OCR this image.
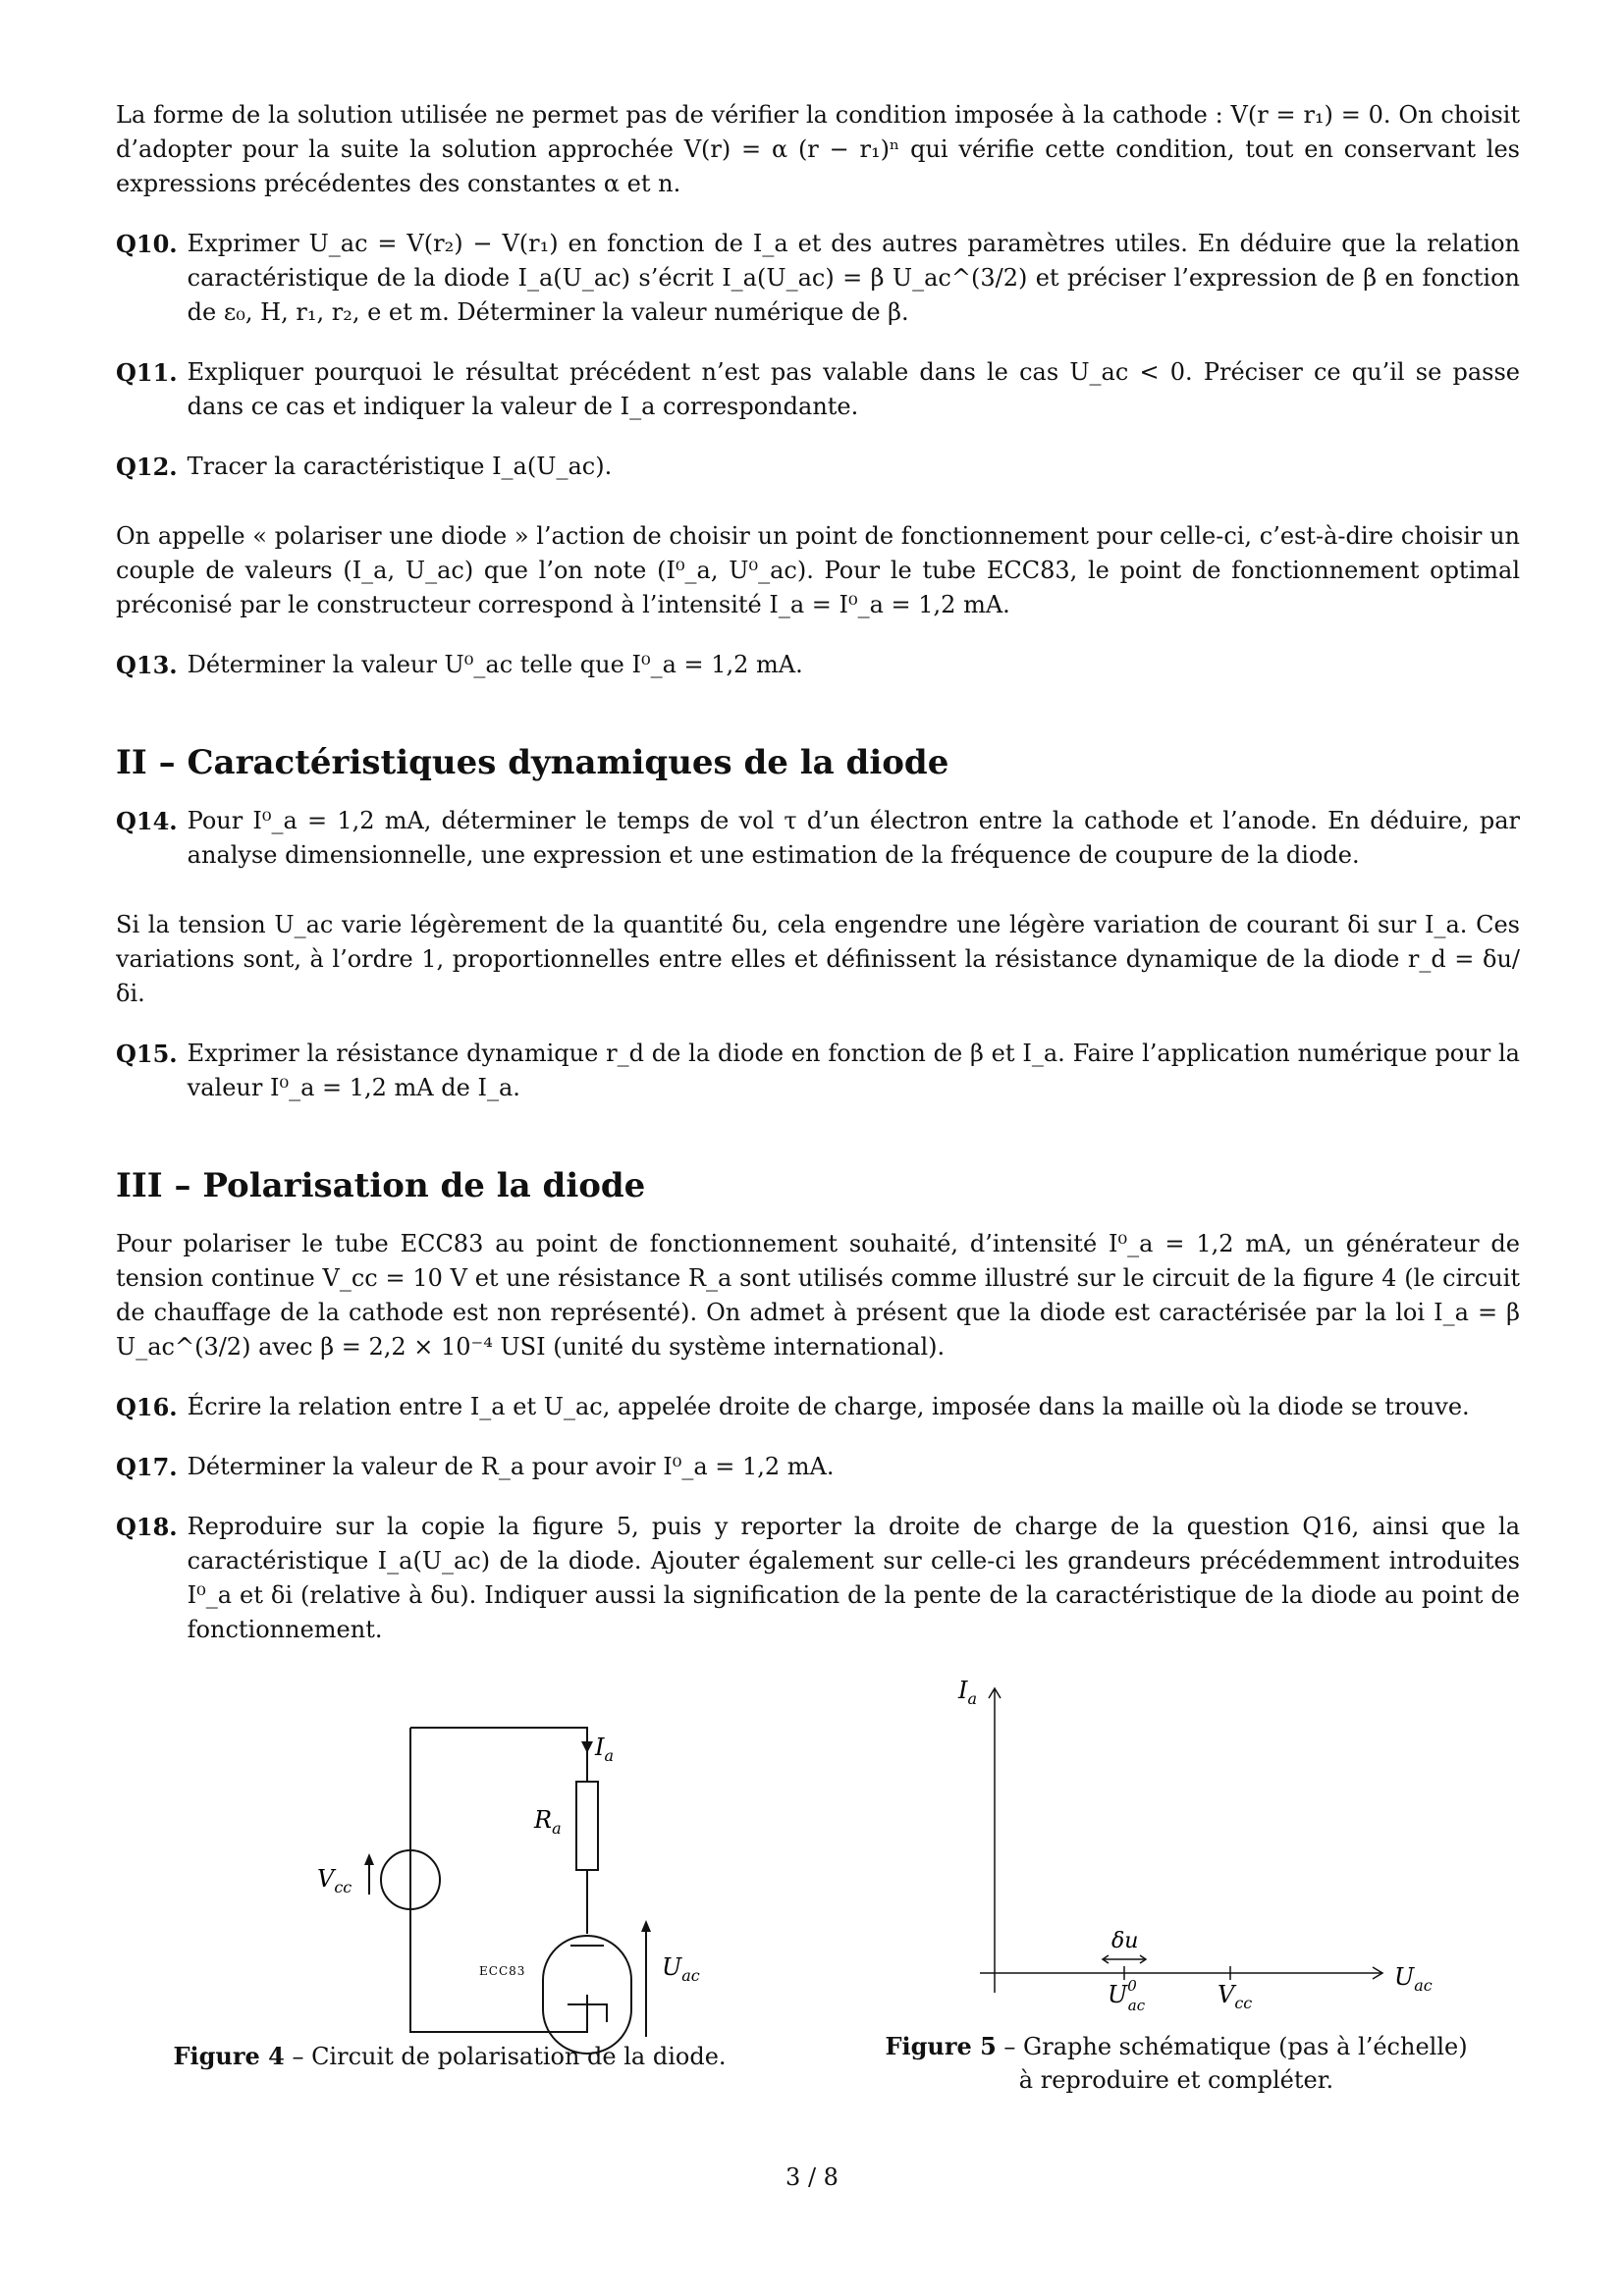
La forme de la solution utilisée ne permet pas de vérifier la condition imposée à la cathode : V(r = r₁) = 0. On choisit d’adopter pour la suite la solution approchée V(r) = α (r − r₁)ⁿ qui vérifie cette condition, tout en conservant les expressions précédentes des constantes α et n.

Q10. Exprimer U_ac = V(r₂) − V(r₁) en fonction de I_a et des autres paramètres utiles. En déduire que la relation caractéristique de la diode I_a(U_ac) s’écrit I_a(U_ac) = β U_ac^(3/2) et préciser l’expression de β en fonction de ε₀, H, r₁, r₂, e et m. Déterminer la valeur numérique de β.
Q11. Expliquer pourquoi le résultat précédent n’est pas valable dans le cas U_ac < 0. Préciser ce qu’il se passe dans ce cas et indiquer la valeur de I_a correspondante.
Q12. Tracer la caractéristique I_a(U_ac).

On appelle « polariser une diode » l’action de choisir un point de fonctionnement pour celle-ci, c’est-à-dire choisir un couple de valeurs (I_a, U_ac) que l’on note (I⁰_a, U⁰_ac). Pour le tube ECC83, le point de fonctionnement optimal préconisé par le constructeur correspond à l’intensité I_a = I⁰_a = 1,2 mA.

Q13. Déterminer la valeur U⁰_ac telle que I⁰_a = 1,2 mA.
II – Caractéristiques dynamiques de la diode
Q14. Pour I⁰_a = 1,2 mA, déterminer le temps de vol τ d’un électron entre la cathode et l’anode. En déduire, par analyse dimensionnelle, une expression et une estimation de la fréquence de coupure de la diode.

Si la tension U_ac varie légèrement de la quantité δu, cela engendre une légère variation de courant δi sur I_a. Ces variations sont, à l’ordre 1, proportionnelles entre elles et définissent la résistance dynamique de la diode r_d = δu/δi.

Q15. Exprimer la résistance dynamique r_d de la diode en fonction de β et I_a. Faire l’application numérique pour la valeur I⁰_a = 1,2 mA de I_a.
III – Polarisation de la diode

Pour polariser le tube ECC83 au point de fonctionnement souhaité, d’intensité I⁰_a = 1,2 mA, un générateur de tension continue V_cc = 10 V et une résistance R_a sont utilisés comme illustré sur le circuit de la figure 4 (le circuit de chauffage de la cathode est non représenté). On admet à présent que la diode est caractérisée par la loi I_a = β U_ac^(3/2) avec β = 2,2 × 10⁻⁴ USI (unité du système international).

Q16. Écrire la relation entre I_a et U_ac, appelée droite de charge, imposée dans la maille où la diode se trouve.
Q17. Déterminer la valeur de R_a pour avoir I⁰_a = 1,2 mA.
Q18. Reproduire sur la copie la figure 5, puis y reporter la droite de charge de la question Q16, ainsi que la caractéristique I_a(U_ac) de la diode. Ajouter également sur celle-ci les grandeurs précédemment introduites I⁰_a et δi (relative à δu). Indiquer aussi la signification de la pente de la caractéristique de la diode au point de fonctionnement.
$I_a$
$R_a$
$V_{cc}$
ECC83	$U_{ac}$
Figure 4 – Circuit de polarisation de la diode.
$I_a$
$U_{ac}$
δu
$U^0$ ac	$V_{cc}$
Figure 5 – Graphe schématique (pas à l’échelle)
à reproduire et compléter.
3 / 8
